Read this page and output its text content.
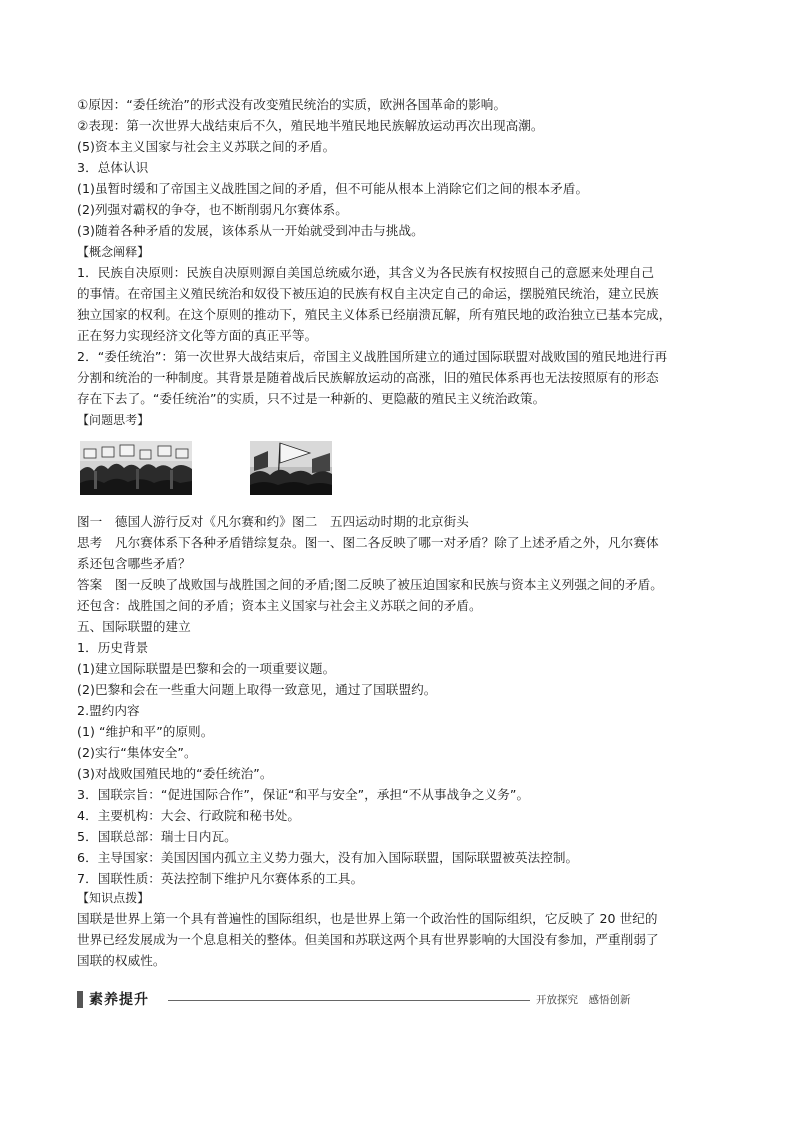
①原因：“委任统治”的形式没有改变殖民统治的实质，欧洲各国革命的影响。
②表现：第一次世界大战结束后不久，殖民地半殖民地民族解放运动再次出现高潮。
(5)资本主义国家与社会主义苏联之间的矛盾。
3．总体认识
(1)虽暂时缓和了帝国主义战胜国之间的矛盾，但不可能从根本上消除它们之间的根本矛盾。
(2)列强对霸权的争夺，也不断削弱凡尔赛体系。
(3)随着各种矛盾的发展，该体系从一开始就受到冲击与挑战。
【概念阐释】
1．民族自决原则：民族自决原则源自美国总统威尔逊，其含义为各民族有权按照自己的意愿来处理自己
的事情。在帝国主义殖民统治和奴役下被压迫的民族有权自主决定自己的命运，摆脱殖民统治，建立民族
独立国家的权利。在这个原则的推动下，殖民主义体系已经崩溃瓦解，所有殖民地的政治独立已基本完成，
正在努力实现经济文化等方面的真正平等。
2．“委任统治”：第一次世界大战结束后，帝国主义战胜国所建立的通过国际联盟对战败国的殖民地进行再
分割和统治的一种制度。其背景是随着战后民族解放运动的高涨，旧的殖民体系再也无法按照原有的形态
存在下去了。“委任统治”的实质，只不过是一种新的、更隐蔽的殖民主义统治政策。
【问题思考】
图一　德国人游行反对《凡尔赛和约》图二　五四运动时期的北京街头
思考　凡尔赛体系下各种矛盾错综复杂。图一、图二各反映了哪一对矛盾？除了上述矛盾之外，凡尔赛体
系还包含哪些矛盾？
答案　图一反映了战败国与战胜国之间的矛盾;图二反映了被压迫国家和民族与资本主义列强之间的矛盾。
还包含：战胜国之间的矛盾；资本主义国家与社会主义苏联之间的矛盾。
五、国际联盟的建立
1．历史背景
(1)建立国际联盟是巴黎和会的一项重要议题。
(2)巴黎和会在一些重大问题上取得一致意见，通过了国联盟约。
2.盟约内容
(1) “维护和平”的原则。
(2)实行“集体安全”。
(3)对战败国殖民地的“委任统治”。
3．国联宗旨：“促进国际合作”，保证“和平与安全”，承担“不从事战争之义务”。
4．主要机构：大会、行政院和秘书处。
5．国联总部：瑞士日内瓦。
6．主导国家：美国因国内孤立主义势力强大，没有加入国际联盟，国际联盟被英法控制。
7．国联性质：英法控制下维护凡尔赛体系的工具。
【知识点拨】
国联是世界上第一个具有普遍性的国际组织，也是世界上第一个政治性的国际组织，它反映了 20 世纪的
世界已经发展成为一个息息相关的整体。但美国和苏联这两个具有世界影响的大国没有参加，严重削弱了
国联的权威性。
素养提升	开放探究　感悟创新
